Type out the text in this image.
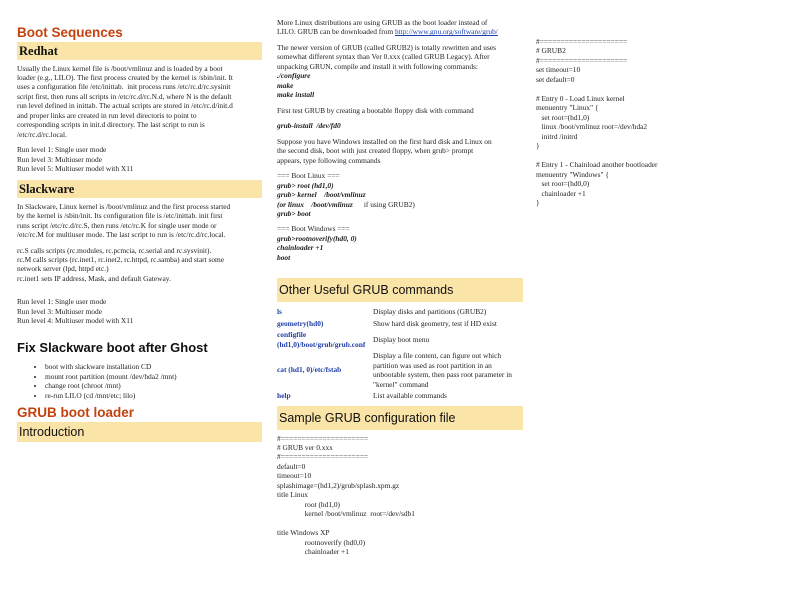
Boot Sequences
Redhat

Usually the Linux kernel file is /boot/vmlinuz and is loaded by a boot
loader (e.g., LILO). The first process created by the kernel is /sbin/init. It
uses a configuration file /etc/inittab.  init process runs /etc/rc.d/rc.sysinit
script first, then runs all scripts in /etc/rc.d/rc.N.d, where N is the default
run level defined in inittab. The actual scripts are stored in /etc/rc.d/init.d
and proper links are created in run level directoris to point to
corresponding scripts in init.d directory. The last script to run is
/etc/rc.d/rc.local.

Run level 1: Single user mode
Run level 3: Multiuser mode
Run level 5: Multiuser model with X11

Slackware

In Slackware, Linux kernel is /boot/vmlinuz and the first process started
by the kernel is /sbin/init. Its configuration file is /etc/inittab. init first
runs script /etc/rc.d/rc.S, then runs /etc/rc.K for single user mode or
/etc/rc.M for multiuser mode. The last script to run is /etc/rc.d/rc.local.

rc.S calls scripts (rc.modules, rc.pcmcia, rc.serial and rc.sysvinit).
rc.M calls scripts (rc.inet1, rc.inet2, rc.httpd, rc.samba) and start some
network server (lpd, httpd etc.)
rc.inet1 sets IP address, Mask, and default Gateway.

Run level 1: Single user mode
Run level 3: Multiuser mode
Run level 4: Multiuser model with X11

Fix Slackware boot after Ghost
• boot with slackware installation CD
• mount root partition (mount /dev/hda2 /mnt)
• change root (chroot /mnt)
• re-run LILO (cd /mnt/etc; lilo)
GRUB boot loader
Introduction

More Linux distributions are using GRUB as the boot loader instead of
LILO. GRUB can be downloaded from http://www.gnu.org/software/grub/

The newer version of GRUB (called GRUB2) is totally rewritten and uses
somewhat different syntax than Ver 0.xxx (called GRUB Legacy). After
unpacking GRUN, compile and install it with following commands:
./configure
make
make install

First test GRUB by creating a bootable floppy disk with command

grub-install  /dev/fd0

Suppose you have Windows installed on the first hard disk and Linux on
the second disk, boot with just created floppy, when grub> prompt
appears, type following commands

=== Boot Linux ===
grub> root (hd1,0)
grub> kernel    /boot/vmlinuz
(or linux    /boot/vmlinuz      if using GRUB2)
grub> boot

=== Boot Windows ===
grub>rootnoverify(hd0, 0)
chainloader +1
boot

Other Useful GRUB commands
ls	Display disks and partitions (GRUB2)
geometry(hd0)	Show hard disk geometry, test if HD exist
configfile (hd1,0)/boot/grub/grub.conf	Display boot menu
cat (hd1, 0)/etc/fstab	Display a file content, can figure out which partition was used as root partition in an unbootable system, then pass root parameter in "kernel" command
help	List available commands
Sample GRUB configuration file
#=====================
# GRUB ver 0.xxx
#=====================
default=0
timeout=10
splashimage=(hd1,2)/grub/splash.xpm.gz
title Linux
root (hd1,0)
kernel /boot/vmlinuz  root=/dev/sdb1

title Windows XP
rootnoverify (hd0,0)
chainloader +1
#=====================
# GRUB2
#=====================
set timeout=10
set default=0

# Entry 0 - Load Linux kernel
menuentry "Linux" {
set root=(hd1,0)
linux /boot/vmlinuz root=/dev/hda2
initrd /initrd
}

# Entry 1 - Chainload another bootloader
menuentry "Windows" {
set root=(hd0,0)
chainloader +1
}
